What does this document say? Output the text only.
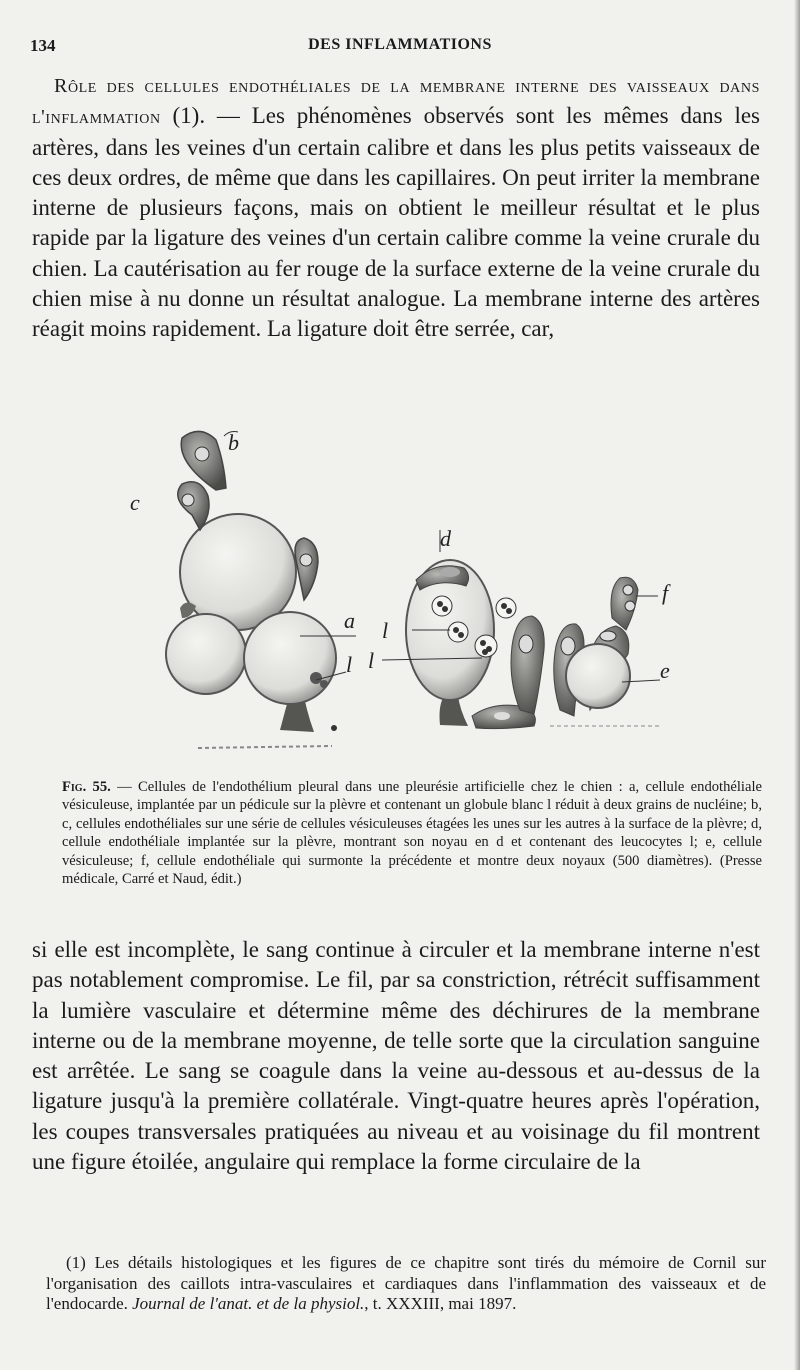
134	DES INFLAMMATIONS

Rôle des cellules endothéliales de la membrane interne des vaisseaux dans l'inflammation (1). — Les phénomènes observés sont les mêmes dans les artères, dans les veines d'un certain calibre et dans les plus petits vaisseaux de ces deux ordres, de même que dans les capillaires. On peut irriter la membrane interne de plusieurs façons, mais on obtient le meilleur résultat et le plus rapide par la ligature des veines d'un certain calibre comme la veine crurale du chien. La cautérisation au fer rouge de la surface externe de la veine crurale du chien mise à nu donne un résultat analogue. La membrane interne des artères réagit moins rapidement. La ligature doit être serrée, car,

b
c
a l
l l
d
f
e

Fig. 55. — Cellules de l'endothélium pleural dans une pleurésie artificielle chez le chien : a, cellule endothéliale vésiculeuse, implantée par un pédicule sur la plèvre et contenant un globule blanc l réduit à deux grains de nucléine; b, c, cellules endothéliales sur une série de cellules vésiculeuses étagées les unes sur les autres à la surface de la plèvre; d, cellule endothéliale implantée sur la plèvre, montrant son noyau en d et contenant des leucocytes l; e, cellule vésiculeuse; f, cellule endothéliale qui surmonte la précédente et montre deux noyaux (500 diamètres). (Presse médicale, Carré et Naud, édit.)

si elle est incomplète, le sang continue à circuler et la membrane interne n'est pas notablement compromise. Le fil, par sa constriction, rétrécit suffisamment la lumière vasculaire et détermine même des déchirures de la membrane interne ou de la membrane moyenne, de telle sorte que la circulation sanguine est arrêtée. Le sang se coagule dans la veine au-dessous et au-dessus de la ligature jusqu'à la première collatérale. Vingt-quatre heures après l'opération, les coupes transversales pratiquées au niveau et au voisinage du fil montrent une figure étoilée, angulaire qui remplace la forme circulaire de la

(1) Les détails histologiques et les figures de ce chapitre sont tirés du mémoire de Cornil sur l'organisation des caillots intra-vasculaires et cardiaques dans l'inflammation des vaisseaux et de l'endocarde. Journal de l'anat. et de la physiol., t. XXXIII, mai 1897.
